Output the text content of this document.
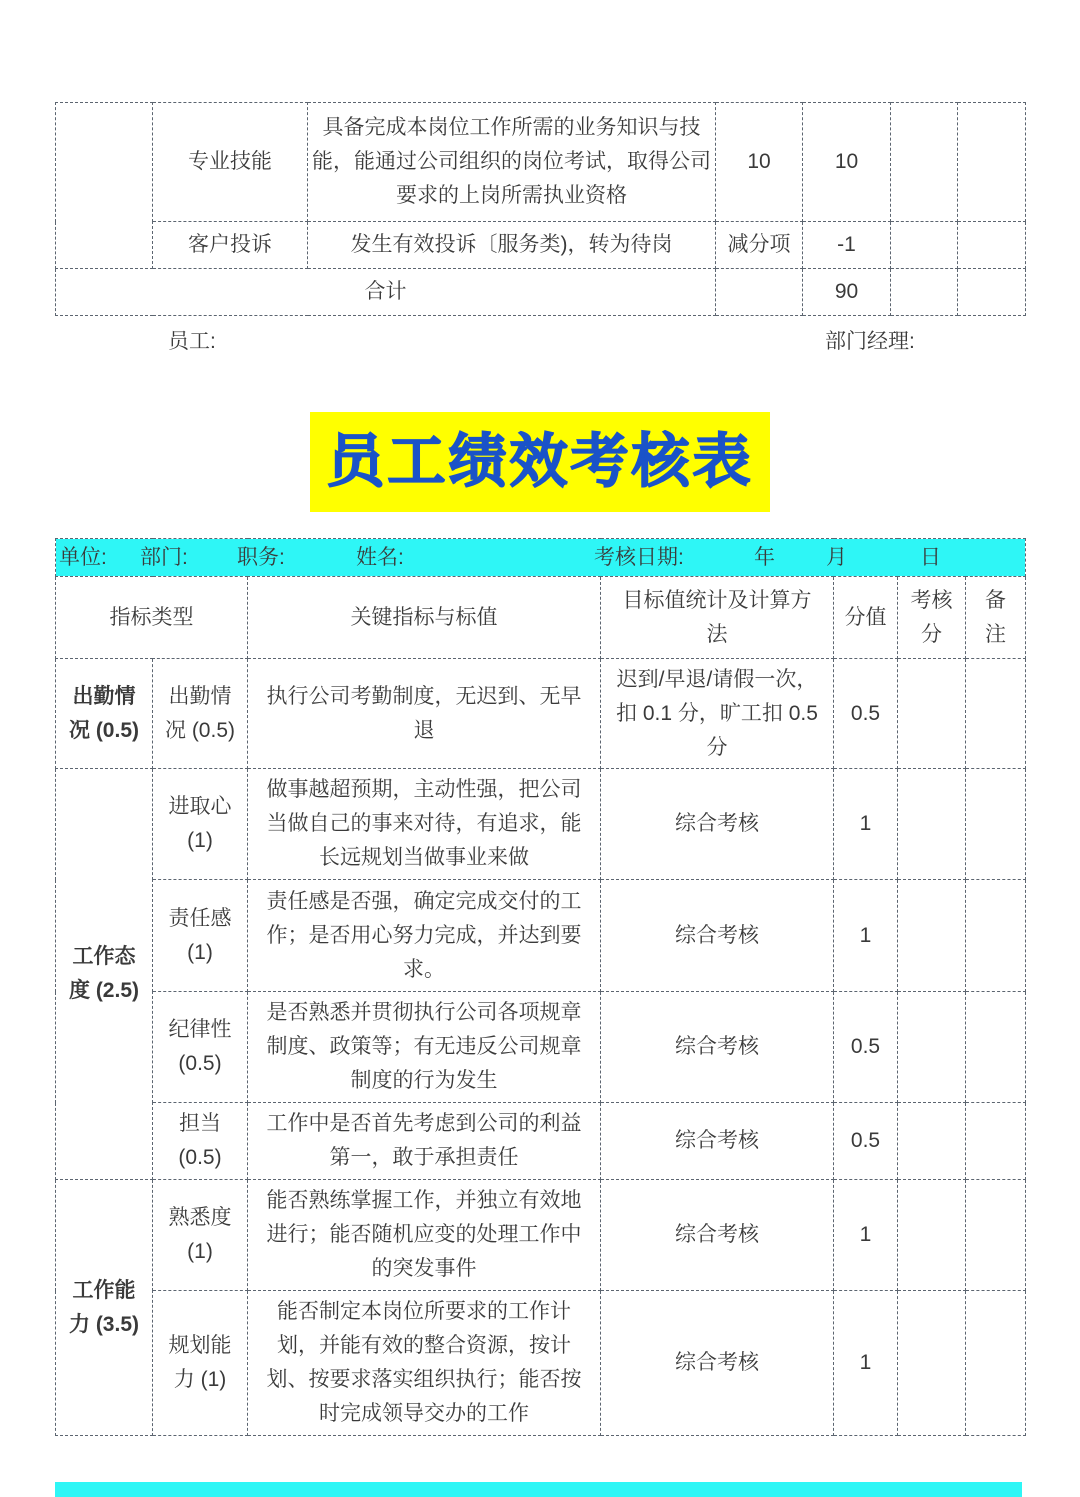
	专业技能	具备完成本岗位工作所需的业务知识与技能，能通过公司组织的岗位考试，取得公司要求的上岗所需执业资格	10	10		
	客户投诉	发生有效投诉〔服务类)，转为待岗	减分项	-1		
合计				90		
员工:	部门经理:
员工绩效考核表
单位: 部门: 职务:	姓名:	考核日期:	年 月	日

指标类型		关键指标与标值	目标值统计及计算方法	分值	考核分	备注
出勤情况 (0.5)	出勤情况 (0.5)	执行公司考勤制度，无迟到、无早退	迟到/早退/请假一次，扣 0.1 分，旷工扣 0.5 分	0.5		
工作态度 (2.5)	进取心 (1)	做事越超预期，主动性强，把公司当做自己的事来对待，有追求，能长远规划当做事业来做	综合考核	1		
	责任感 (1)	责任感是否强，确定完成交付的工作；是否用心努力完成，并达到要求。	综合考核	1		
	纪律性 (0.5)	是否熟悉并贯彻执行公司各项规章制度、政策等；有无违反公司规章制度的行为发生	综合考核	0.5		
	担当 (0.5)	工作中是否首先考虑到公司的利益第一，敢于承担责任	综合考核	0.5		
工作能力 (3.5)	熟悉度 (1)	能否熟练掌握工作，并独立有效地进行；能否随机应变的处理工作中的突发事件	综合考核	1		
	规划能力 (1)	能否制定本岗位所要求的工作计划，并能有效的整合资源，按计划、按要求落实组织执行；能否按时完成领导交办的工作	综合考核	1		
